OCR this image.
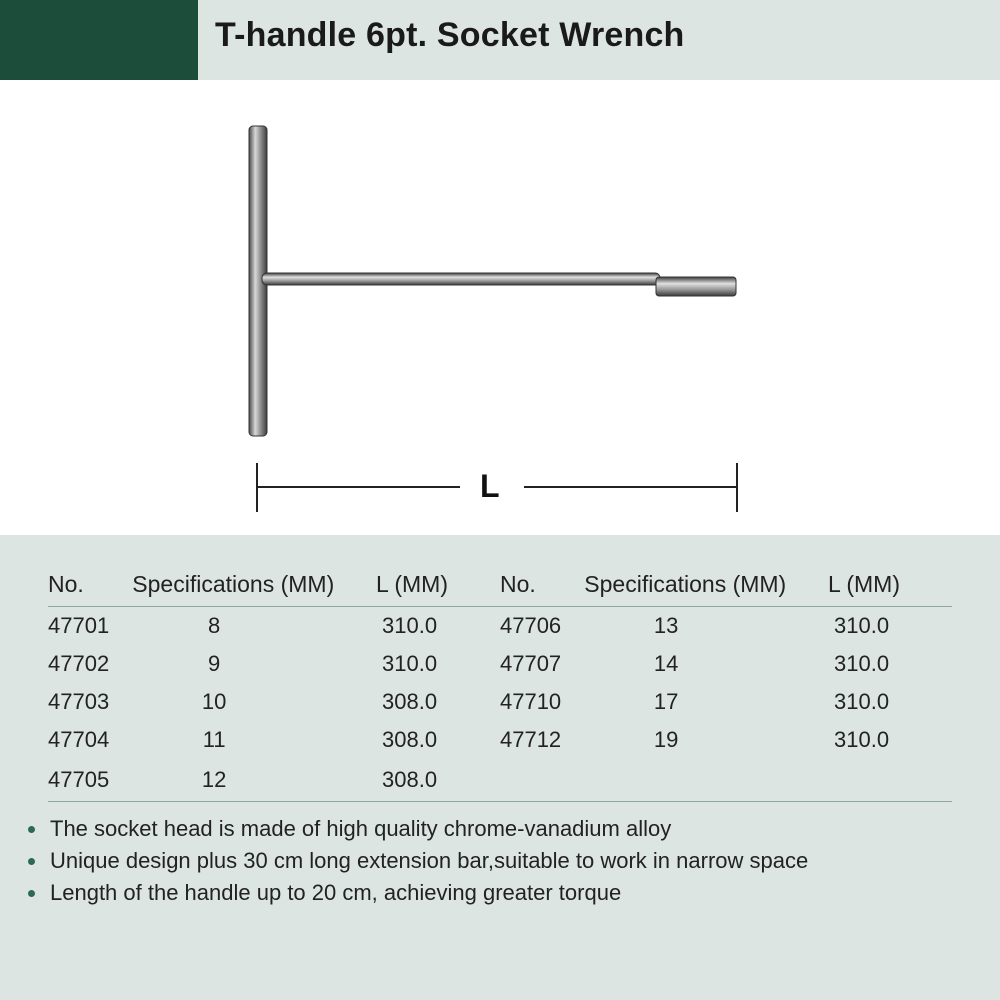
T-handle 6pt. Socket Wrench
L
No.	Specifications (MM)	L (MM)	No.	Specifications (MM)	L (MM)
47701	8	310.0	47706	13	310.0
47702	9	310.0	47707	14	310.0
47703	10	308.0	47710	17	310.0
47704	11	308.0	47712	19	310.0
47705	12	308.0			
The socket head is made of high quality chrome-vanadium alloy
Unique design plus 30 cm long extension bar,suitable to work in narrow space
Length of the handle up to 20 cm, achieving greater torque
